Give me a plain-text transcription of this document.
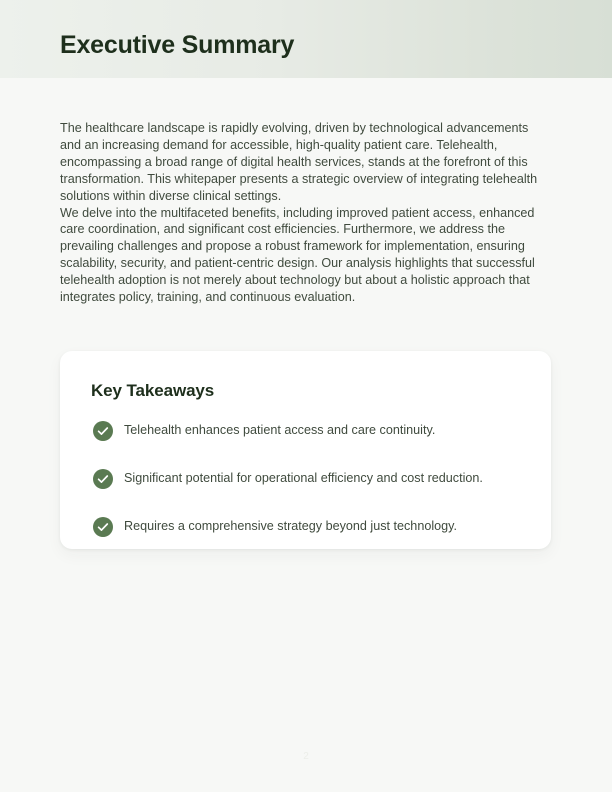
Executive Summary
The healthcare landscape is rapidly evolving, driven by technological advancements and an increasing demand for accessible, high-quality patient care. Telehealth, encompassing a broad range of digital health services, stands at the forefront of this transformation. This whitepaper presents a strategic overview of integrating telehealth solutions within diverse clinical settings.
We delve into the multifaceted benefits, including improved patient access, enhanced care coordination, and significant cost efficiencies. Furthermore, we address the prevailing challenges and propose a robust framework for implementation, ensuring scalability, security, and patient-centric design. Our analysis highlights that successful telehealth adoption is not merely about technology but about a holistic approach that integrates policy, training, and continuous evaluation.
Key Takeaways
Telehealth enhances patient access and care continuity.
Significant potential for operational efficiency and cost reduction.
Requires a comprehensive strategy beyond just technology.
2
